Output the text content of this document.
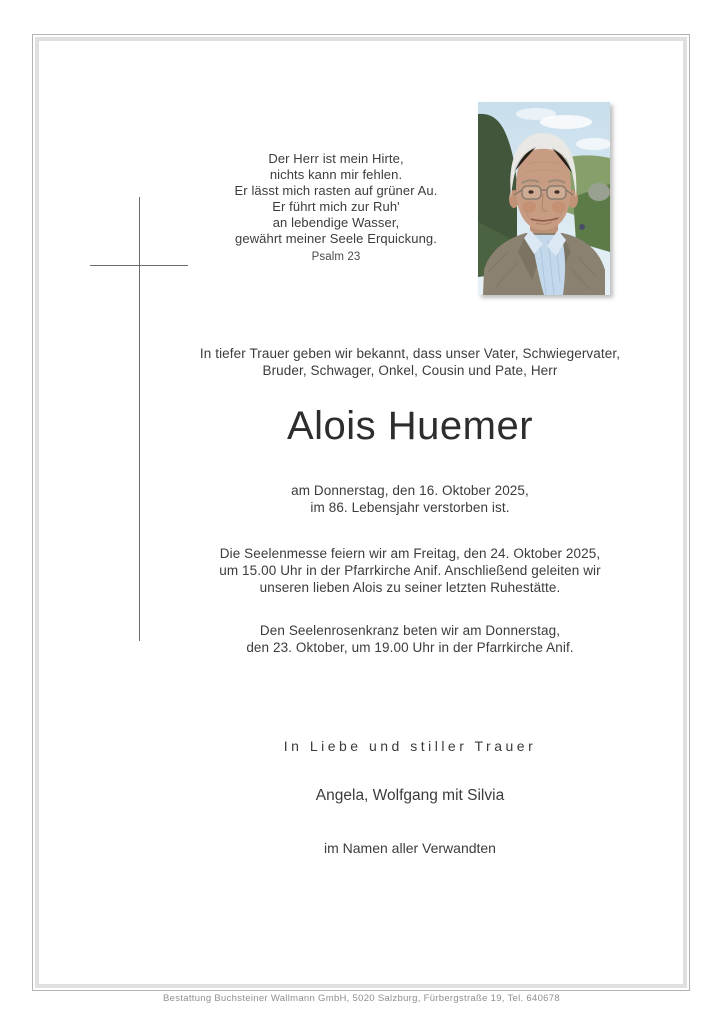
Der Herr ist mein Hirte,
nichts kann mir fehlen.
Er lässt mich rasten auf grüner Au.
Er führt mich zur Ruh'
an lebendige Wasser,
gewährt meiner Seele Erquickung.
Psalm 23
In tiefer Trauer geben wir bekannt, dass unser Vater, Schwiegervater,
Bruder, Schwager, Onkel, Cousin und Pate, Herr
Alois Huemer
am Donnerstag, den 16. Oktober 2025,
im 86. Lebensjahr verstorben ist.
Die Seelenmesse feiern wir am Freitag, den 24. Oktober 2025,
um 15.00 Uhr in der Pfarrkirche Anif. Anschließend geleiten wir
unseren lieben Alois zu seiner letzten Ruhestätte.
Den Seelenrosenkranz beten wir am Donnerstag,
den 23. Oktober, um 19.00 Uhr in der Pfarrkirche Anif.
In Liebe und stiller Trauer
Angela, Wolfgang mit Silvia
im Namen aller Verwandten
Bestattung Buchsteiner Wallmann GmbH, 5020 Salzburg, Fürbergstraße 19, Tel. 640678
